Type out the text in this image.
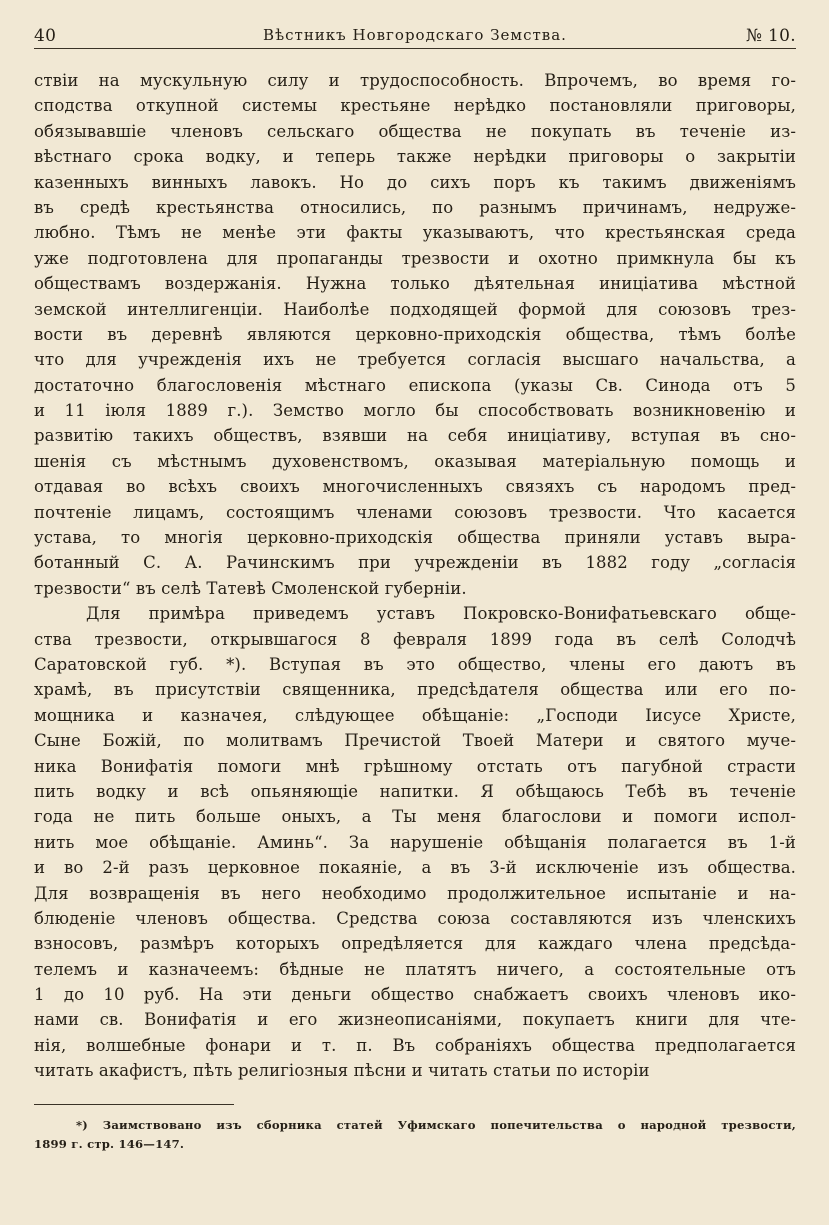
40	Вѣстникъ Новгородскаго Земства.	№ 10.
ствіи на мускульную силу и трудоспособность. Впрочемъ, во время го-
сподства откупной системы крестьяне нерѣдко постановляли приговоры,
обязывавшіе членовъ сельскаго общества не покупать въ теченіе из-
вѣстнаго срока водку, и теперь также нерѣдки приговоры о закрытіи
казенныхъ винныхъ лавокъ. Но до сихъ поръ къ такимъ движеніямъ
въ средѣ крестьянства относились, по разнымъ причинамъ, недруже-
любно. Тѣмъ не менѣе эти факты указываютъ, что крестьянская среда
уже подготовлена для пропаганды трезвости и охотно примкнула бы къ
обществамъ воздержанія. Нужна только дѣятельная иниціатива мѣстной
земской интеллигенціи. Наиболѣе подходящей формой для союзовъ трез-
вости въ деревнѣ являются церковно-приходскія общества, тѣмъ болѣе
что для учрежденія ихъ не требуется согласія высшаго начальства, а
достаточно благословенія мѣстнаго епископа (указы Св. Синода отъ 5
и 11 іюля 1889 г.). Земство могло бы способствовать возникновенію и
развитію такихъ обществъ, взявши на себя иниціативу, вступая въ сно-
шенія съ мѣстнымъ духовенствомъ, оказывая матеріальную помощь и
отдавая во всѣхъ своихъ многочисленныхъ связяхъ съ народомъ пред-
почтеніе лицамъ, состоящимъ членами союзовъ трезвости. Что касается
устава, то многія церковно-приходскія общества приняли уставъ выра-
ботанный С. А. Рачинскимъ при учрежденіи въ 1882 году „согласія
трезвости“ въ селѣ Татевѣ Смоленской губерніи.
Для примѣра приведемъ уставъ Покровско-Вонифатьевскаго обще-
ства трезвости, открывшагося 8 февраля 1899 года въ селѣ Солодчѣ
Саратовской губ. *). Вступая въ это общество, члены его даютъ въ
храмѣ, въ присутствіи священника, предсѣдателя общества или его по-
мощника и казначея, слѣдующее обѣщаніе: „Господи Іисусе Христе,
Сыне Божій, по молитвамъ Пречистой Твоей Матери и святого муче-
ника Вонифатія помоги мнѣ грѣшному отстать отъ пагубной страсти
пить водку и всѣ опьяняющіе напитки. Я обѣщаюсь Тебѣ въ теченіе
года не пить больше оныхъ, а Ты меня благослови и помоги испол-
нить мое обѣщаніе. Аминь“. За нарушеніе обѣщанія полагается въ 1-й
и во 2-й разъ церковное покаяніе, а въ 3-й исключеніе изъ общества.
Для возвращенія въ него необходимо продолжительное испытаніе и на-
блюденіе членовъ общества. Средства союза составляются изъ членскихъ
взносовъ, размѣръ которыхъ опредѣляется для каждаго члена предсѣда-
телемъ и казначеемъ: бѣдные не платятъ ничего, а состоятельные отъ
1 до 10 руб. На эти деньги общество снабжаетъ своихъ членовъ ико-
нами св. Вонифатія и его жизнеописаніями, покупаетъ книги для чте-
нія, волшебные фонари и т. п. Въ собраніяхъ общества предполагается
читать акафистъ, пѣть религіозныя пѣсни и читать статьи по исторіи
*) Заимствовано изъ сборника статей Уфимскаго попечительства о народной трезвости,
1899 г. стр. 146—147.
